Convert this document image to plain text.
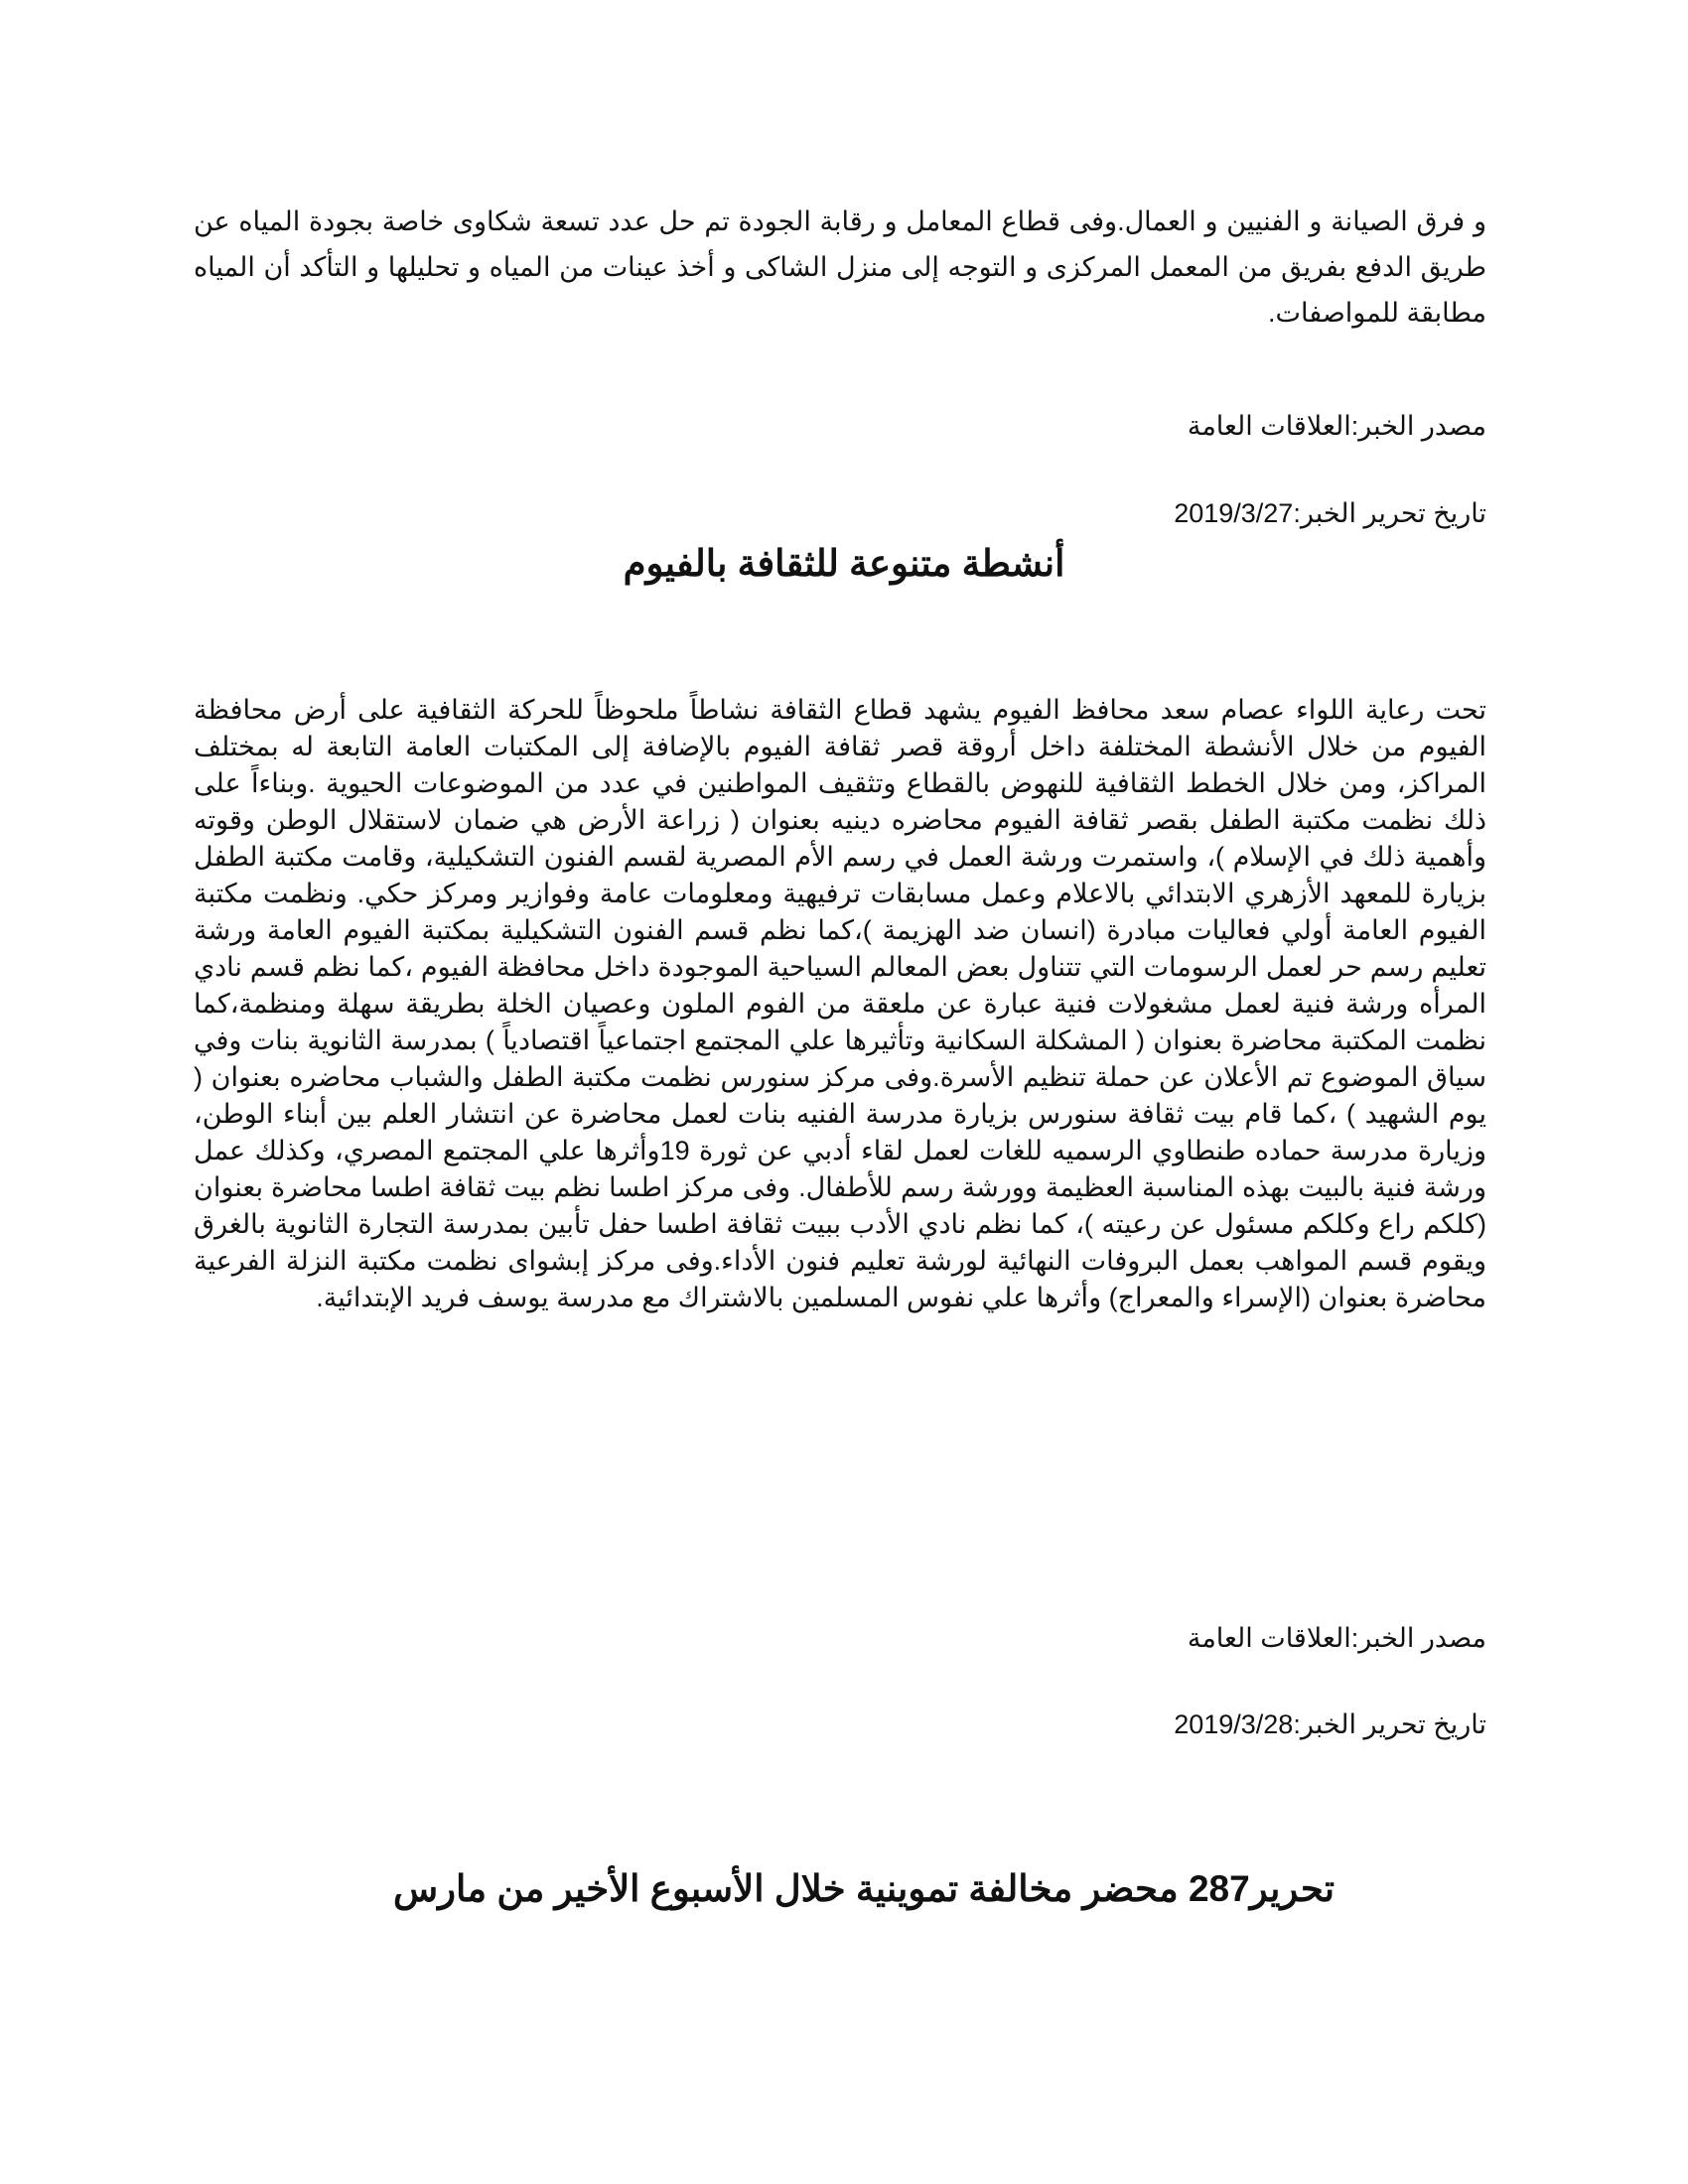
و فرق الصيانة و الفنيين و العمال.وفى قطاع المعامل و رقابة الجودة تم حل عدد تسعة شكاوى خاصة بجودة المياه عن طريق الدفع بفريق من المعمل المركزى و التوجه إلى منزل الشاكى و أخذ عينات من المياه و تحليلها و التأكد أن المياه مطابقة للمواصفات.

مصدر الخبر:العلاقات العامة
تاريخ تحرير الخبر:2019/3/27
أنشطة متنوعة للثقافة بالفيوم

تحت رعاية اللواء عصام سعد محافظ الفيوم يشهد قطاع الثقافة نشاطاً ملحوظاً للحركة الثقافية على أرض محافظة الفيوم من خلال الأنشطة المختلفة داخل أروقة قصر ثقافة الفيوم بالإضافة إلى المكتبات العامة التابعة له بمختلف المراكز، ومن خلال الخطط الثقافية للنهوض بالقطاع وتثقيف المواطنين في عدد من الموضوعات الحيوية .وبناءاً على ذلك نظمت مكتبة الطفل بقصر ثقافة الفيوم محاضره دينيه بعنوان ( زراعة الأرض هي ضمان لاستقلال الوطن وقوته وأهمية ذلك في الإسلام )، واستمرت ورشة العمل في رسم الأم المصرية لقسم الفنون التشكيلية، وقامت مكتبة الطفل بزيارة للمعهد الأزهري الابتدائي بالاعلام وعمل مسابقات ترفيهية ومعلومات عامة وفوازير ومركز حكي. ونظمت مكتبة الفيوم العامة أولي فعاليات مبادرة (انسان ضد الهزيمة )،كما نظم قسم الفنون التشكيلية بمكتبة الفيوم العامة ورشة تعليم رسم حر لعمل الرسومات التي تتناول بعض المعالم السياحية الموجودة داخل محافظة الفيوم ،كما نظم قسم نادي المرأه ورشة فنية لعمل مشغولات فنية عبارة عن ملعقة من الفوم الملون وعصيان الخلة بطريقة سهلة ومنظمة،كما نظمت المكتبة محاضرة بعنوان ( المشكلة السكانية وتأثيرها علي المجتمع اجتماعياً اقتصادياً ) بمدرسة الثانوية بنات وفي سياق الموضوع تم الأعلان عن حملة تنظيم الأسرة.وفى مركز سنورس نظمت مكتبة الطفل والشباب محاضره بعنوان ( يوم الشهيد ) ،كما قام بيت ثقافة سنورس بزيارة مدرسة الفنيه بنات لعمل محاضرة عن انتشار العلم بين أبناء الوطن، وزيارة مدرسة حماده طنطاوي الرسميه للغات لعمل لقاء أدبي عن ثورة 19وأثرها علي المجتمع المصري، وكذلك عمل ورشة فنية بالبيت بهذه المناسبة العظيمة وورشة رسم للأطفال. وفى مركز اطسا نظم بيت ثقافة اطسا محاضرة بعنوان (كلكم راع وكلكم مسئول عن رعيته )، كما نظم نادي الأدب ببيت ثقافة اطسا حفل تأبين بمدرسة التجارة الثانوية بالغرق ويقوم قسم المواهب بعمل البروفات النهائية لورشة تعليم فنون الأداء.وفى مركز إبشواى نظمت مكتبة النزلة الفرعية محاضرة بعنوان (الإسراء والمعراج) وأثرها علي نفوس المسلمين بالاشتراك مع مدرسة يوسف فريد الإبتدائية.

مصدر الخبر:العلاقات العامة
تاريخ تحرير الخبر:2019/3/28
تحرير287 محضر مخالفة تموينية خلال الأسبوع الأخير من مارس
